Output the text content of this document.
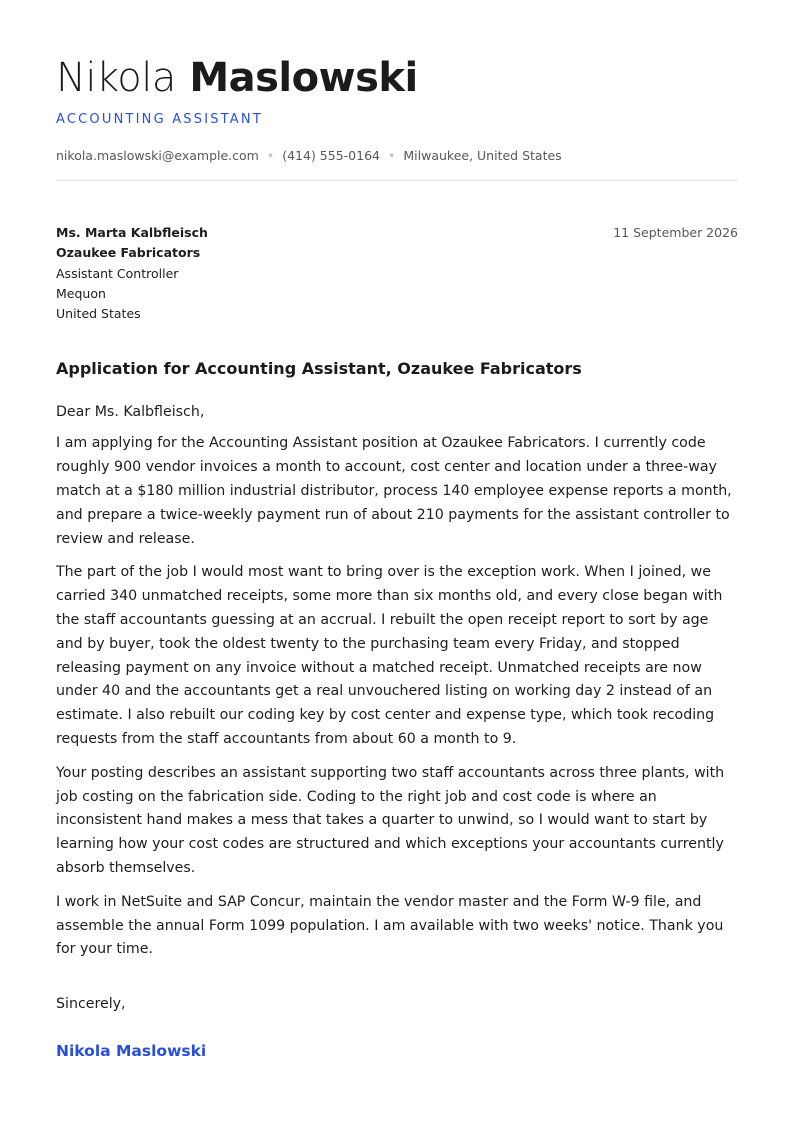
Nikola Maslowski
ACCOUNTING ASSISTANT
nikola.maslowski@example.com • (414) 555-0164 • Milwaukee, United States
Ms. Marta Kalbfleisch
Ozaukee Fabricators
Assistant Controller
Mequon
United States
11 September 2026
Application for Accounting Assistant, Ozaukee Fabricators
Dear Ms. Kalbfleisch,

I am applying for the Accounting Assistant position at Ozaukee Fabricators. I currently code roughly 900 vendor invoices a month to account, cost center and location under a three-way match at a $180 million industrial distributor, process 140 employee expense reports a month, and prepare a twice-weekly payment run of about 210 payments for the assistant controller to review and release.

The part of the job I would most want to bring over is the exception work. When I joined, we carried 340 unmatched receipts, some more than six months old, and every close began with the staff accountants guessing at an accrual. I rebuilt the open receipt report to sort by age and by buyer, took the oldest twenty to the purchasing team every Friday, and stopped releasing payment on any invoice without a matched receipt. Unmatched receipts are now under 40 and the accountants get a real unvouchered listing on working day 2 instead of an estimate. I also rebuilt our coding key by cost center and expense type, which took recoding requests from the staff accountants from about 60 a month to 9.

Your posting describes an assistant supporting two staff accountants across three plants, with job costing on the fabrication side. Coding to the right job and cost code is where an inconsistent hand makes a mess that takes a quarter to unwind, so I would want to start by learning how your cost codes are structured and which exceptions your accountants currently absorb themselves.

I work in NetSuite and SAP Concur, maintain the vendor master and the Form W-9 file, and assemble the annual Form 1099 population. I am available with two weeks' notice. Thank you for your time.

Sincerely,
Nikola Maslowski
